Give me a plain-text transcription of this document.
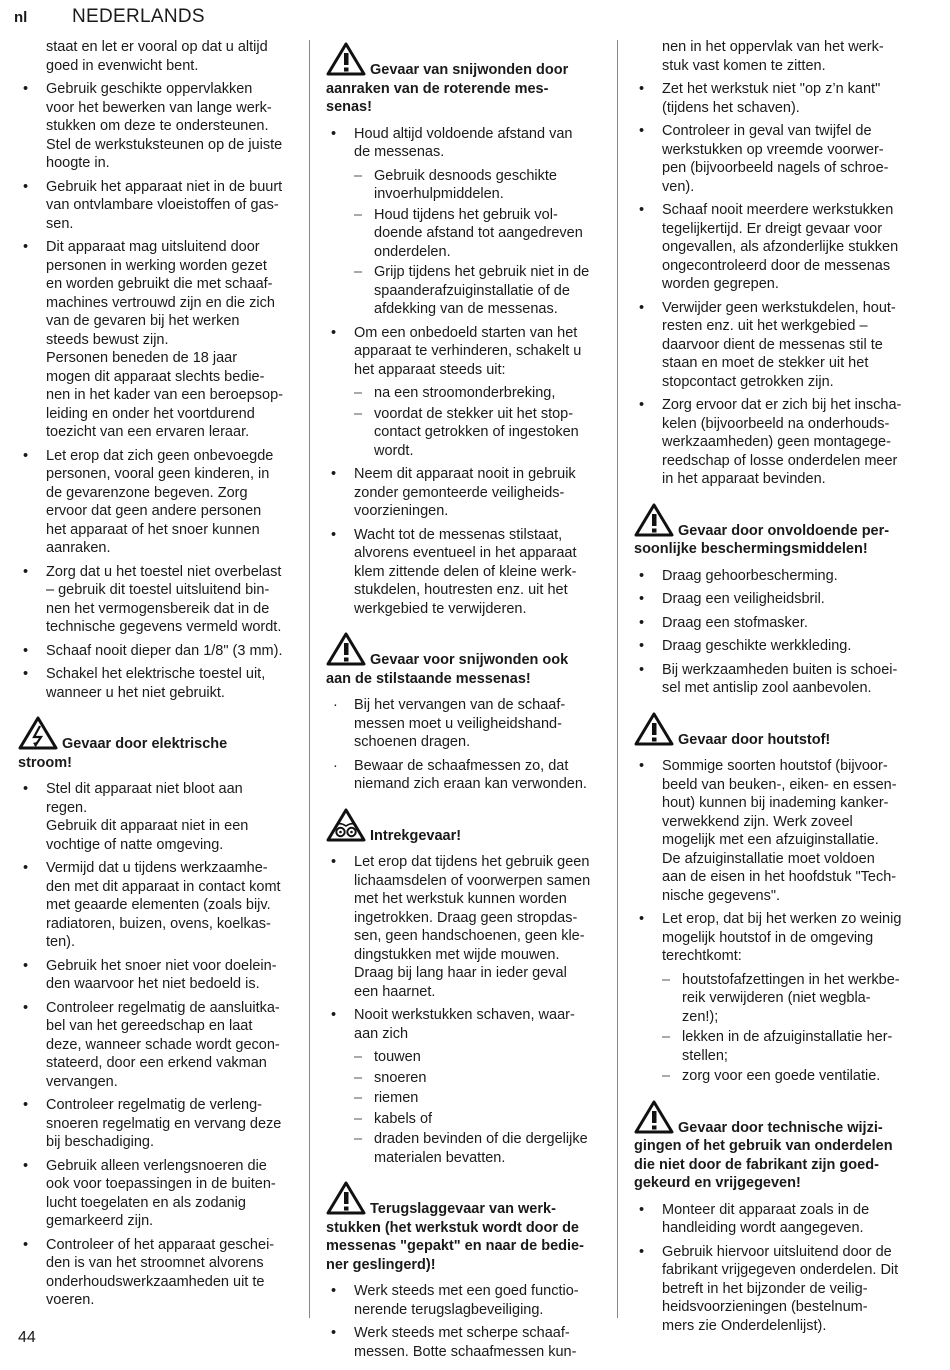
nl	NEDERLANDS
staat en let er vooral op dat u altijd
goed in evenwicht bent.
• Gebruik geschikte oppervlakken
voor het bewerken van lange werk-
stukken om deze te ondersteunen.
Stel de werkstuksteunen op de juiste
hoogte in.
• Gebruik het apparaat niet in de buurt
van ontvlambare vloeistoffen of gas-
sen.
• Dit apparaat mag uitsluitend door
personen in werking worden gezet
en worden gebruikt die met schaaf-
machines vertrouwd zijn en die zich
van de gevaren bij het werken
steeds bewust zijn.
Personen beneden de 18 jaar
mogen dit apparaat slechts bedie-
nen in het kader van een beroepsop-
leiding en onder het voortdurend
toezicht van een ervaren leraar.
• Let erop dat zich geen onbevoegde
personen, vooral geen kinderen, in
de gevarenzone begeven. Zorg
ervoor dat geen andere personen
het apparaat of het snoer kunnen
aanraken.
• Zorg dat u het toestel niet overbelast
– gebruik dit toestel uitsluitend bin-
nen het vermogensbereik dat in de
technische gegevens vermeld wordt.
• Schaaf nooit dieper dan 1/8" (3 mm).
• Schakel het elektrische toestel uit,
wanneer u het niet gebruikt.
Gevaar door elektrische
stroom!
• Stel dit apparaat niet bloot aan
regen.
Gebruik dit apparaat niet in een
vochtige of natte omgeving.
• Vermijd dat u tijdens werkzaamhe-
den met dit apparaat in contact komt
met geaarde elementen (zoals bijv.
radiatoren, buizen, ovens, koelkas-
ten).
• Gebruik het snoer niet voor doelein-
den waarvoor het niet bedoeld is.
• Controleer regelmatig de aansluitka-
bel van het gereedschap en laat
deze, wanneer schade wordt gecon-
stateerd, door een erkend vakman
vervangen.
• Controleer regelmatig de verleng-
snoeren regelmatig en vervang deze
bij beschadiging.
• Gebruik alleen verlengsnoeren die
ook voor toepassingen in de buiten-
lucht toegelaten en als zodanig
gemarkeerd zijn.
• Controleer of het apparaat geschei-
den is van het stroomnet alvorens
onderhoudswerkzaamheden uit te
voeren.
Gevaar van snijwonden door
aanraken van de roterende mes-
senas!
• Houd altijd voldoende afstand van
de messenas.
– Gebruik desnoods geschikte
invoerhulpmiddelen.
– Houd tijdens het gebruik vol-
doende afstand tot aangedreven
onderdelen.
– Grijp tijdens het gebruik niet in de
spaanderafzuiginstallatie of de
afdekking van de messenas.
• Om een onbedoeld starten van het
apparaat te verhinderen, schakelt u
het apparaat steeds uit:
– na een stroomonderbreking,
– voordat de stekker uit het stop-
contact getrokken of ingestoken
wordt.
• Neem dit apparaat nooit in gebruik
zonder gemonteerde veiligheids-
voorzieningen.
• Wacht tot de messenas stilstaat,
alvorens eventueel in het apparaat
klem zittende delen of kleine werk-
stukdelen, houtresten enz. uit het
werkgebied te verwijderen.
Gevaar voor snijwonden ook
aan de stilstaande messenas!
· Bij het vervangen van de schaaf-
messen moet u veiligheidshand-
schoenen dragen.
· Bewaar de schaafmessen zo, dat
niemand zich eraan kan verwonden.
Intrekgevaar!
• Let erop dat tijdens het gebruik geen
lichaamsdelen of voorwerpen samen
met het werkstuk kunnen worden
ingetrokken. Draag geen stropdas-
sen, geen handschoenen, geen kle-
dingstukken met wijde mouwen.
Draag bij lang haar in ieder geval
een haarnet.
• Nooit werkstukken schaven, waar-
aan zich
– touwen
– snoeren
– riemen
– kabels of
– draden bevinden of die dergelijke
materialen bevatten.
Terugslaggevaar van werk-
stukken (het werkstuk wordt door de
messenas "gepakt" en naar de bedie-
ner geslingerd)!
• Werk steeds met een goed functio-
nerende terugslagbeveiliging.
• Werk steeds met scherpe schaaf-
messen. Botte schaafmessen kun-
nen in het oppervlak van het werk-
stuk vast komen te zitten.
• Zet het werkstuk niet "op z’n kant"
(tijdens het schaven).
• Controleer in geval van twijfel de
werkstukken op vreemde voorwer-
pen (bijvoorbeeld nagels of schroe-
ven).
• Schaaf nooit meerdere werkstukken
tegelijkertijd. Er dreigt gevaar voor
ongevallen, als afzonderlijke stukken
ongecontroleerd door de messenas
worden gegrepen.
• Verwijder geen werkstukdelen, hout-
resten enz. uit het werkgebied –
daarvoor dient de messenas stil te
staan en moet de stekker uit het
stopcontact getrokken zijn.
• Zorg ervoor dat er zich bij het inscha-
kelen (bijvoorbeeld na onderhouds-
werkzaamheden) geen montagege-
reedschap of losse onderdelen meer
in het apparaat bevinden.
Gevaar door onvoldoende per-
soonlijke beschermingsmiddelen!
• Draag gehoorbescherming.
• Draag een veiligheidsbril.
• Draag een stofmasker.
• Draag geschikte werkkleding.
• Bij werkzaamheden buiten is schoei-
sel met antislip zool aanbevolen.
Gevaar door houtstof!
• Sommige soorten houtstof (bijvoor-
beeld van beuken-, eiken- en essen-
hout) kunnen bij inademing kanker-
verwekkend zijn. Werk zoveel
mogelijk met een afzuiginstallatie.
De afzuiginstallatie moet voldoen
aan de eisen in het hoofdstuk "Tech-
nische gegevens".
• Let erop, dat bij het werken zo weinig
mogelijk houtstof in de omgeving
terechtkomt:
– houtstofafzettingen in het werkbe-
reik verwijderen (niet wegbla-
zen!);
– lekken in de afzuiginstallatie her-
stellen;
– zorg voor een goede ventilatie.
Gevaar door technische wijzi-
gingen of het gebruik van onderdelen
die niet door de fabrikant zijn goed-
gekeurd en vrijgegeven!
• Monteer dit apparaat zoals in de
handleiding wordt aangegeven.
• Gebruik hiervoor uitsluitend door de
fabrikant vrijgegeven onderdelen. Dit
betreft in het bijzonder de veilig-
heidsvoorzieningen (bestelnum-
mers zie Onderdelenlijst).
44
